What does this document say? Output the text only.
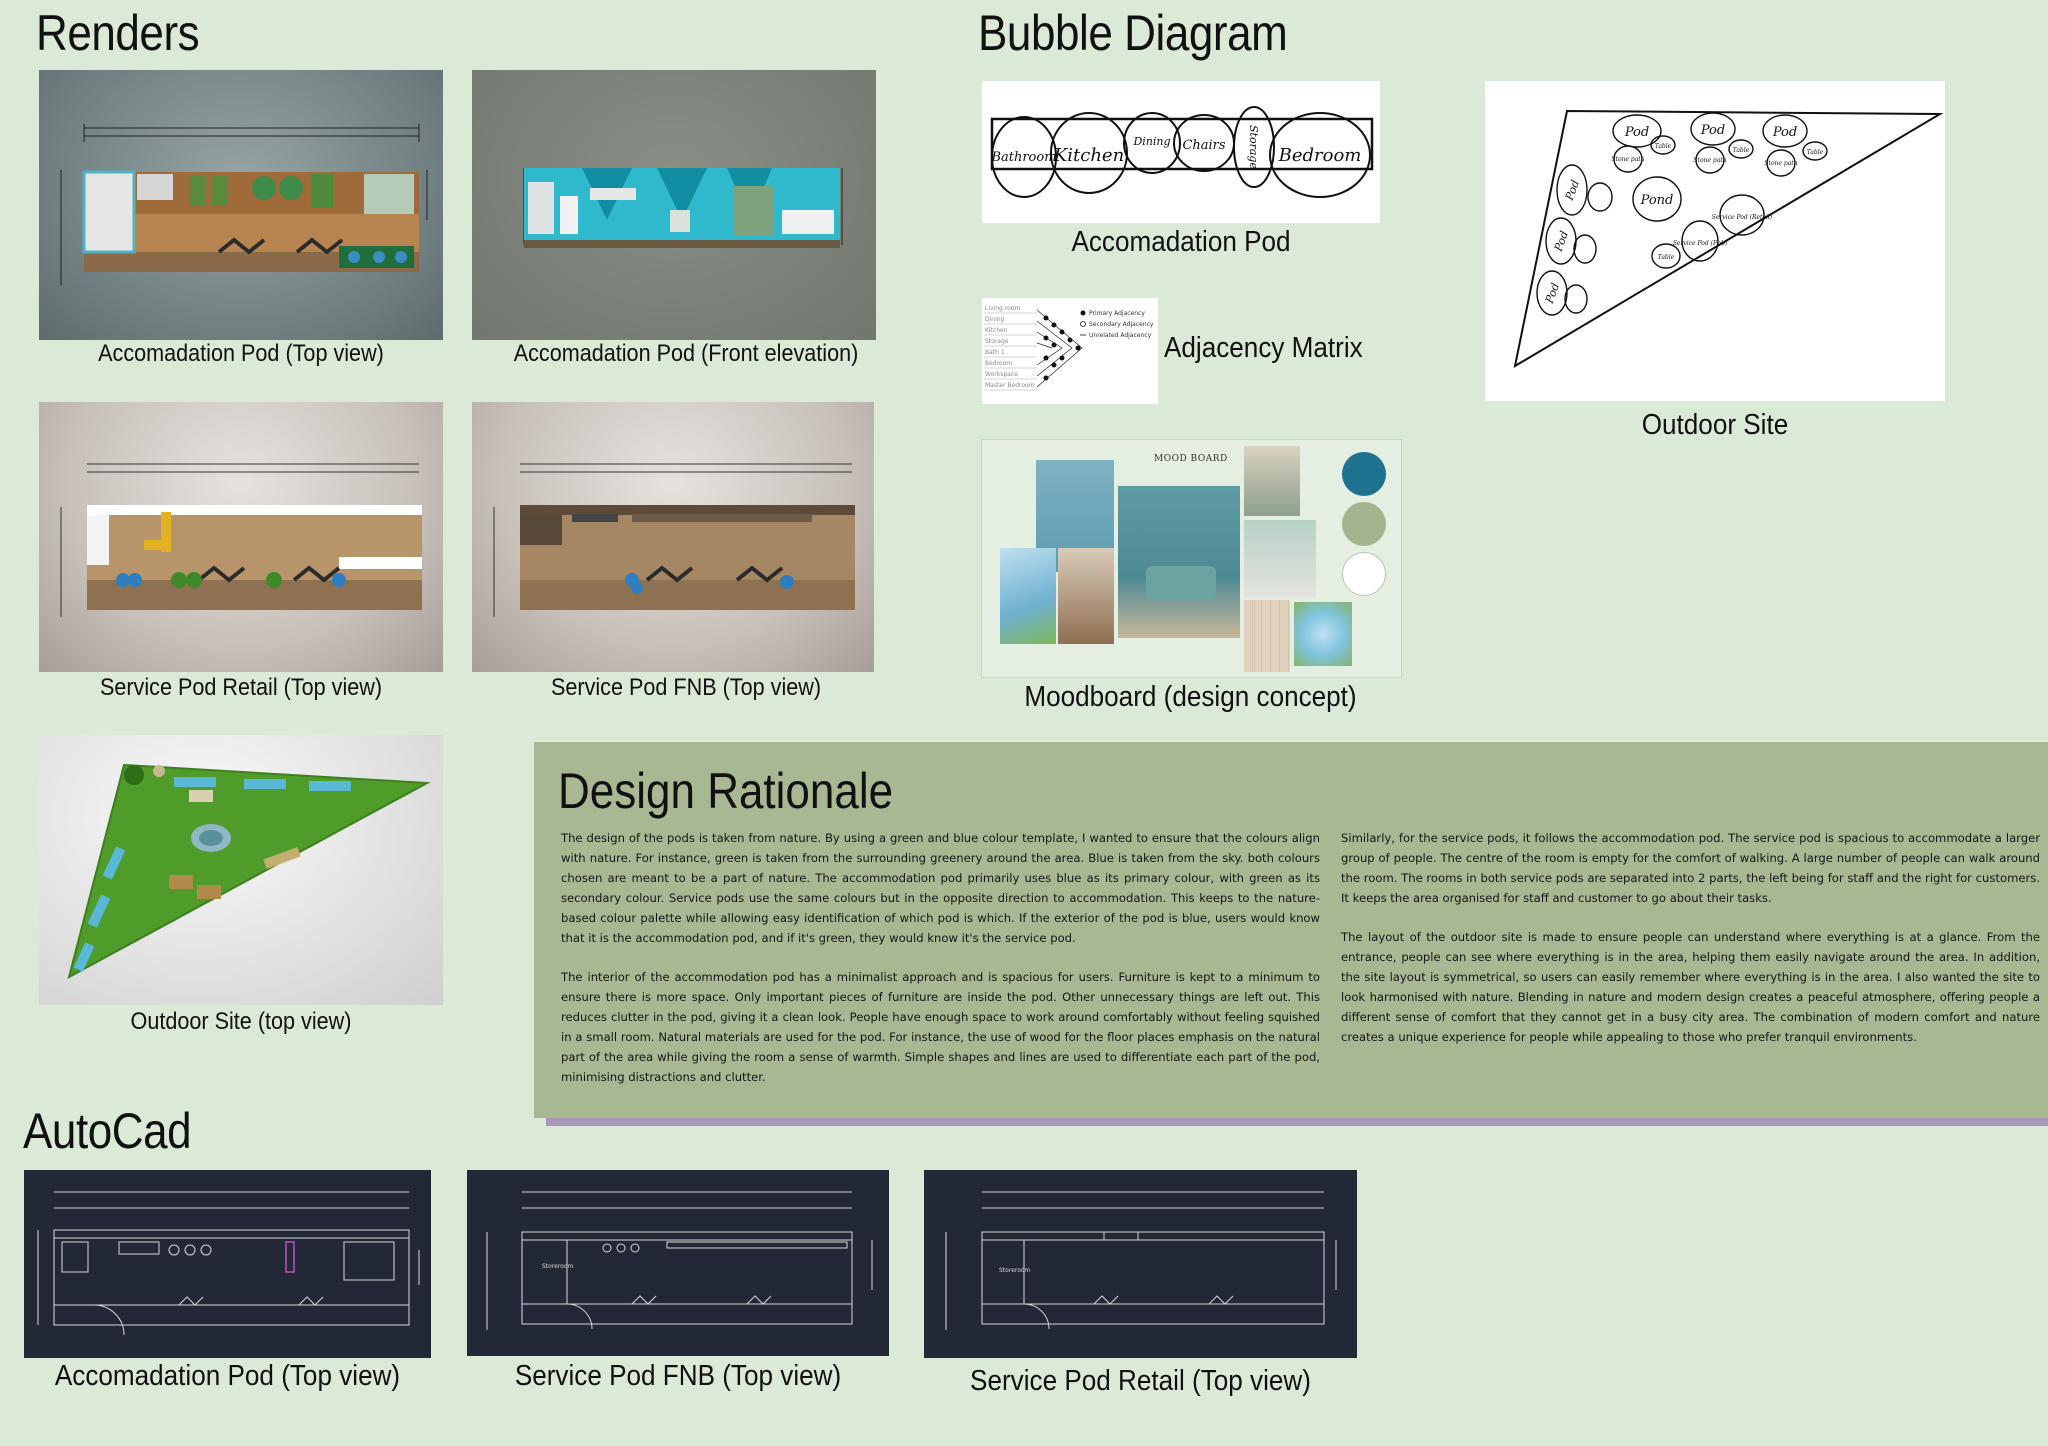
Renders
Accomadation Pod (Top view)	Accomadation Pod (Front elevation)
Service Pod Retail (Top view)	Service Pod FNB (Top view)
Outdoor Site (top view)
Bubble Diagram
Bathroom
Kitchen
Dining Chairs Storage Bedroom
Accomadation Pod
Living room
Dining
Kitchen
Storage
Bath 1
Bedroom
Workspace
Master Bedroom
Primary Adjacency
Secondary Adjacency
Unrelated Adjacency Adjacency Matrix
Pod	Pod	Pod
Pod
Pod
Pod
Pond
Service Pod (Fnb)
Service Pod (Retail)
Table
Table	Table
Table
Stone path	Stone path	Stone path
Outdoor Site
MOOD BOARD
Moodboard (design concept)
Design Rationale

The design of the pods is taken from nature. By using a green and blue colour template, I wanted to ensure that the colours align with nature. For instance, green is taken from the surrounding greenery around the area. Blue is taken from the sky. both colours chosen are meant to be a part of nature. The accommodation pod primarily uses blue as its primary colour, with green as its secondary colour. Service pods use the same colours but in the opposite direction to accommodation. This keeps to the nature-based colour palette while allowing easy identification of which pod is which. If the exterior of the pod is blue, users would know that it is the accommodation pod, and if it's green, they would know it's the service pod.

The interior of the accommodation pod has a minimalist approach and is spacious for users. Furniture is kept to a minimum to ensure there is more space. Only important pieces of furniture are inside the pod. Other unnecessary things are left out. This reduces clutter in the pod, giving it a clean look. People have enough space to work around comfortably without feeling squished in a small room. Natural materials are used for the pod. For instance, the use of wood for the floor places emphasis on the natural part of the area while giving the room a sense of warmth. Simple shapes and lines are used to differentiate each part of the pod, minimising distractions and clutter.

Similarly, for the service pods, it follows the accommodation pod. The service pod is spacious to accommodate a larger group of people. The centre of the room is empty for the comfort of walking. A large number of people can walk around the room. The rooms in both service pods are separated into 2 parts, the left being for staff and the right for customers. It keeps the area organised for staff and customer to go about their tasks.

The layout of the outdoor site is made to ensure people can understand where everything is at a glance. From the entrance, people can see where everything is in the area, helping them easily navigate around the area. In addition, the site layout is symmetrical, so users can easily remember where everything is in the area. I also wanted the site to look harmonised with nature. Blending in nature and modern design creates a peaceful atmosphere, offering people a different sense of comfort that they cannot get in a busy city area. The combination of modern comfort and nature creates a unique experience for people while appealing to those who prefer tranquil environments.

AutoCad
Accomadation Pod (Top view)
Storeroom
Service Pod FNB (Top view)
Storeroom
Service Pod Retail (Top view)
